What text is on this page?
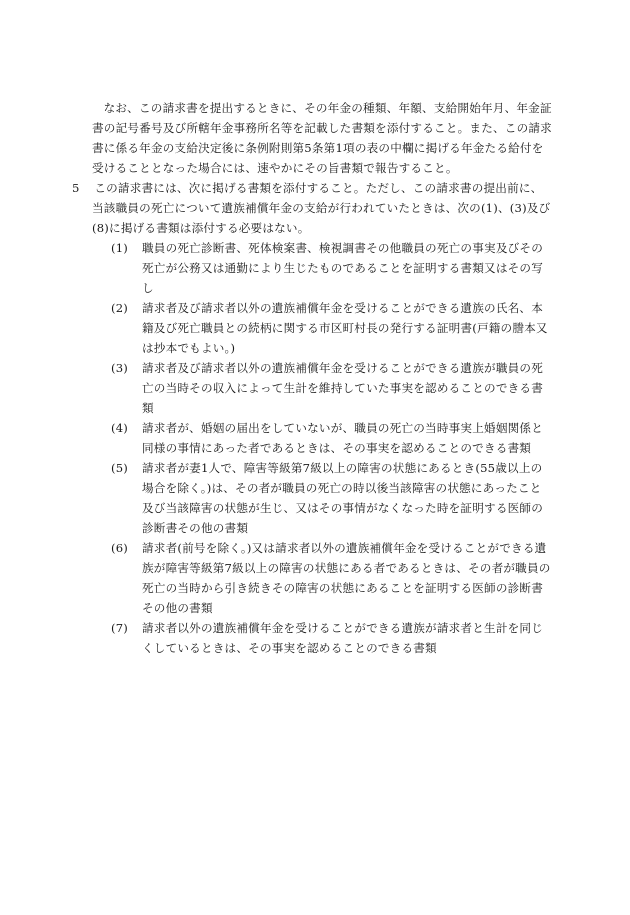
なお、この請求書を提出するときに、その年金の種類、年額、支給開始年月、年金証書の記号番号及び所轄年金事務所名等を記載した書類を添付すること。また、この請求書に係る年金の支給決定後に条例附則第5条第1項の表の中欄に掲げる年金たる給付を受けることとなった場合には、速やかにその旨書類で報告すること。

5 この請求書には、次に掲げる書類を添付すること。ただし、この請求書の提出前に、当該職員の死亡について遺族補償年金の支給が行われていたときは、次の(1)、(3)及び(8)に掲げる書類は添付する必要はない。
(1) 職員の死亡診断書、死体検案書、検視調書その他職員の死亡の事実及びその死亡が公務又は通勤により生じたものであることを証明する書類又はその写し
(2) 請求者及び請求者以外の遺族補償年金を受けることができる遺族の氏名、本籍及び死亡職員との続柄に関する市区町村長の発行する証明書(戸籍の謄本又は抄本でもよい。)
(3) 請求者及び請求者以外の遺族補償年金を受けることができる遺族が職員の死亡の当時その収入によって生計を維持していた事実を認めることのできる書類
(4) 請求者が、婚姻の届出をしていないが、職員の死亡の当時事実上婚姻関係と同様の事情にあった者であるときは、その事実を認めることのできる書類
(5) 請求者が妻1人で、障害等級第7級以上の障害の状態にあるとき(55歳以上の場合を除く。)は、その者が職員の死亡の時以後当該障害の状態にあったこと及び当該障害の状態が生じ、又はその事情がなくなった時を証明する医師の診断書その他の書類
(6) 請求者(前号を除く。)又は請求者以外の遺族補償年金を受けることができる遺族が障害等級第7級以上の障害の状態にある者であるときは、その者が職員の死亡の当時から引き続きその障害の状態にあることを証明する医師の診断書その他の書類
(7) 請求者以外の遺族補償年金を受けることができる遺族が請求者と生計を同じくしているときは、その事実を認めることのできる書類
